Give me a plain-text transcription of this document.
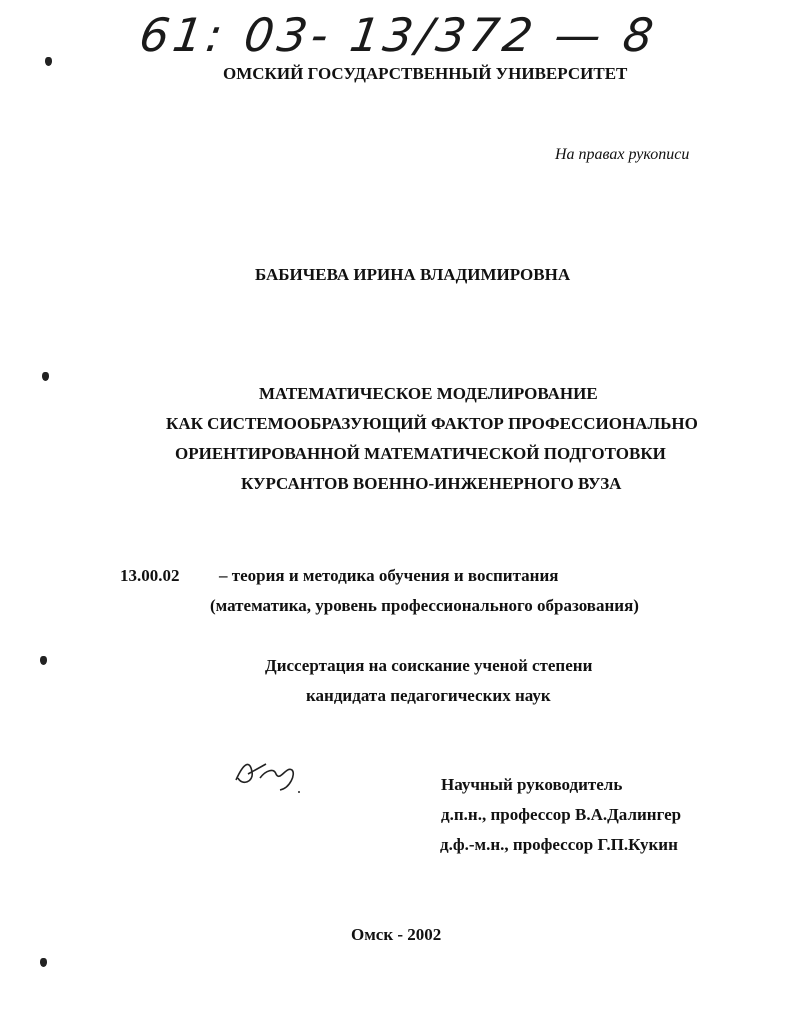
61: 03- 13/372 — 8
ОМСКИЙ ГОСУДАРСТВЕННЫЙ УНИВЕРСИТЕТ
На правах рукописи
БАБИЧЕВА ИРИНА ВЛАДИМИРОВНА
МАТЕМАТИЧЕСКОЕ МОДЕЛИРОВАНИЕ
КАК СИСТЕМООБРАЗУЮЩИЙ ФАКТОР ПРОФЕССИОНАЛЬНО
ОРИЕНТИРОВАННОЙ МАТЕМАТИЧЕСКОЙ ПОДГОТОВКИ
КУРСАНТОВ ВОЕННО-ИНЖЕНЕРНОГО ВУЗА
13.00.02 – теория и методика обучения и воспитания
(математика, уровень профессионального образования)
Диссертация на соискание ученой степени
кандидата педагогических наук
Научный руководитель
д.п.н., профессор В.А.Далингер
д.ф.-м.н., профессор Г.П.Кукин
Омск - 2002
